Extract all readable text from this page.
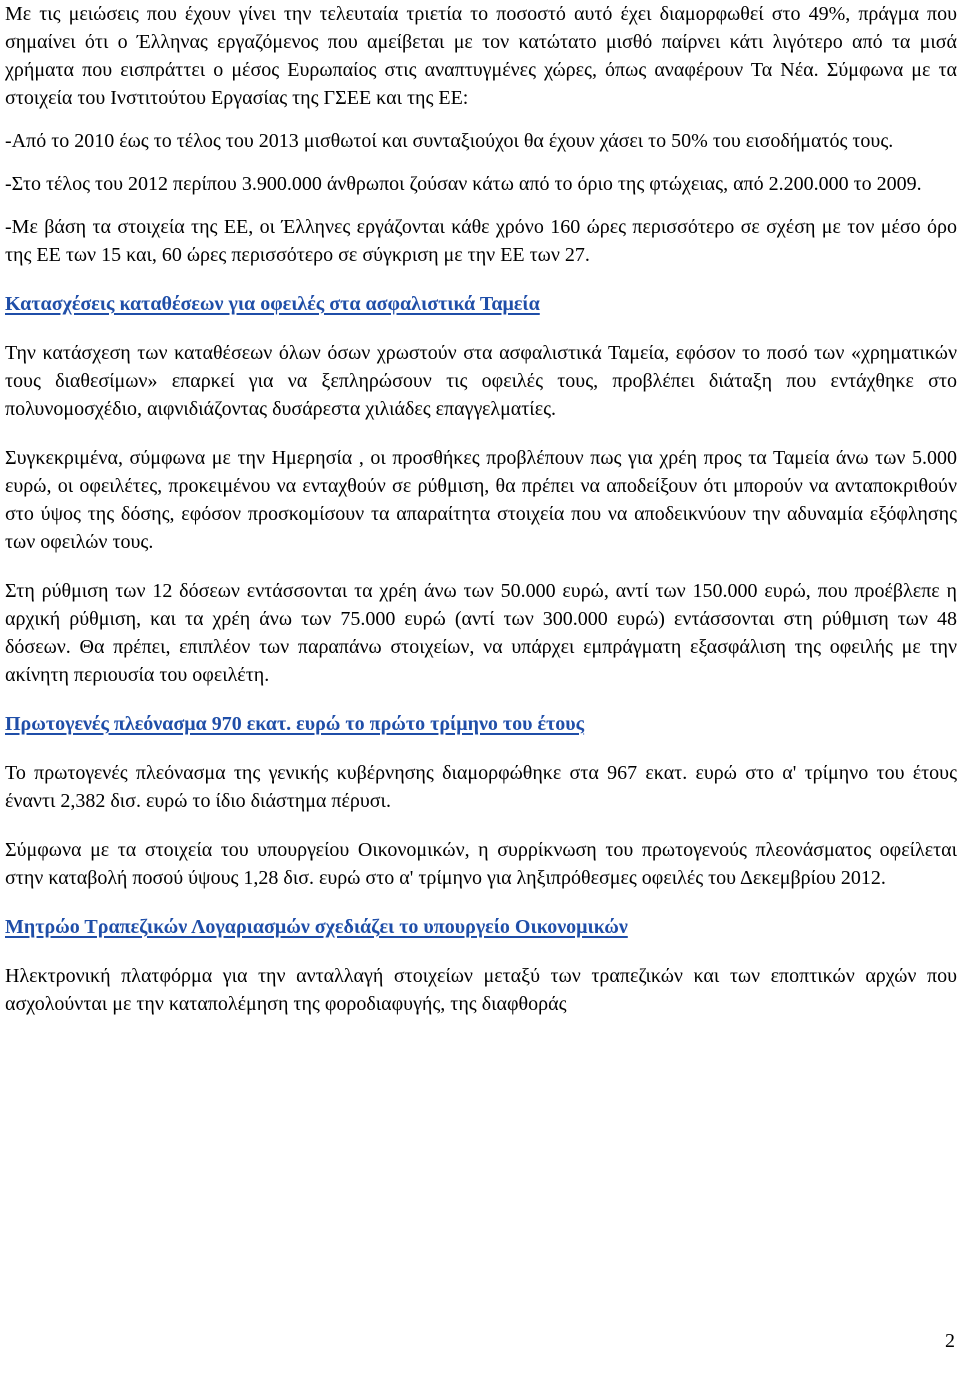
Με τις μειώσεις που έχουν γίνει την τελευταία τριετία το ποσοστό αυτό έχει διαμορφωθεί στο 49%, πράγμα που σημαίνει ότι ο Έλληνας εργαζόμενος που αμείβεται με τον κατώτατο μισθό παίρνει κάτι λιγότερο από τα μισά χρήματα που εισπράττει ο μέσος Ευρωπαίος στις αναπτυγμένες χώρες, όπως αναφέρουν Τα Νέα. Σύμφωνα με τα στοιχεία του Ινστιτούτου Εργασίας της ΓΣΕΕ και της ΕΕ:

-Από το 2010 έως το τέλος του 2013 μισθωτοί και συνταξιούχοι θα έχουν χάσει το 50% του εισοδήματός τους.

-Στο τέλος του 2012 περίπου 3.900.000 άνθρωποι ζούσαν κάτω από το όριο της φτώχειας, από 2.200.000 το 2009.

-Με βάση τα στοιχεία της ΕΕ, οι Έλληνες εργάζονται κάθε χρόνο 160 ώρες περισσότερο σε σχέση με τον μέσο όρο της ΕΕ των 15 και, 60 ώρες περισσότερο σε σύγκριση με την ΕΕ των 27.

Κατασχέσεις καταθέσεων για οφειλές στα ασφαλιστικά Ταμεία

Την κατάσχεση των καταθέσεων όλων όσων χρωστούν στα ασφαλιστικά Ταμεία, εφόσον το ποσό των «χρηματικών τους διαθεσίμων» επαρκεί για να ξεπληρώσουν τις οφειλές τους, προβλέπει διάταξη που εντάχθηκε στο πολυνομοσχέδιο, αιφνιδιάζοντας δυσάρεστα χιλιάδες επαγγελματίες.

Συγκεκριμένα, σύμφωνα με την Ημερησία , οι προσθήκες προβλέπουν πως για χρέη προς τα Ταμεία άνω των 5.000 ευρώ, οι οφειλέτες, προκειμένου να ενταχθούν σε ρύθμιση, θα πρέπει να αποδείξουν ότι μπορούν να ανταποκριθούν στο ύψος της δόσης, εφόσον προσκομίσουν τα απαραίτητα στοιχεία που να αποδεικνύουν την αδυναμία εξόφλησης των οφειλών τους.

Στη ρύθμιση των 12 δόσεων εντάσσονται τα χρέη άνω των 50.000 ευρώ, αντί των 150.000 ευρώ, που προέβλεπε η αρχική ρύθμιση, και τα χρέη άνω των 75.000 ευρώ (αντί των 300.000 ευρώ) εντάσσονται στη ρύθμιση των 48 δόσεων. Θα πρέπει, επιπλέον των παραπάνω στοιχείων, να υπάρχει εμπράγματη εξασφάλιση της οφειλής με την ακίνητη περιουσία του οφειλέτη.

Πρωτογενές πλεόνασμα 970 εκατ. ευρώ το πρώτο τρίμηνο του έτους

Το πρωτογενές πλεόνασμα της γενικής κυβέρνησης διαμορφώθηκε στα 967 εκατ. ευρώ στο α' τρίμηνο του έτους έναντι 2,382 δισ. ευρώ το ίδιο διάστημα πέρυσι.

Σύμφωνα με τα στοιχεία του υπουργείου Οικονομικών, η συρρίκνωση του πρωτογενούς πλεονάσματος οφείλεται στην καταβολή ποσού ύψους 1,28 δισ. ευρώ στο α' τρίμηνο για ληξιπρόθεσμες οφειλές του Δεκεμβρίου 2012.

Μητρώο Τραπεζικών Λογαριασμών σχεδιάζει το υπουργείο Οικονομικών

Ηλεκτρονική πλατφόρμα για την ανταλλαγή στοιχείων μεταξύ των τραπεζικών και των εποπτικών αρχών που ασχολούνται με την καταπολέμηση της φοροδιαφυγής, της διαφθοράς

2
